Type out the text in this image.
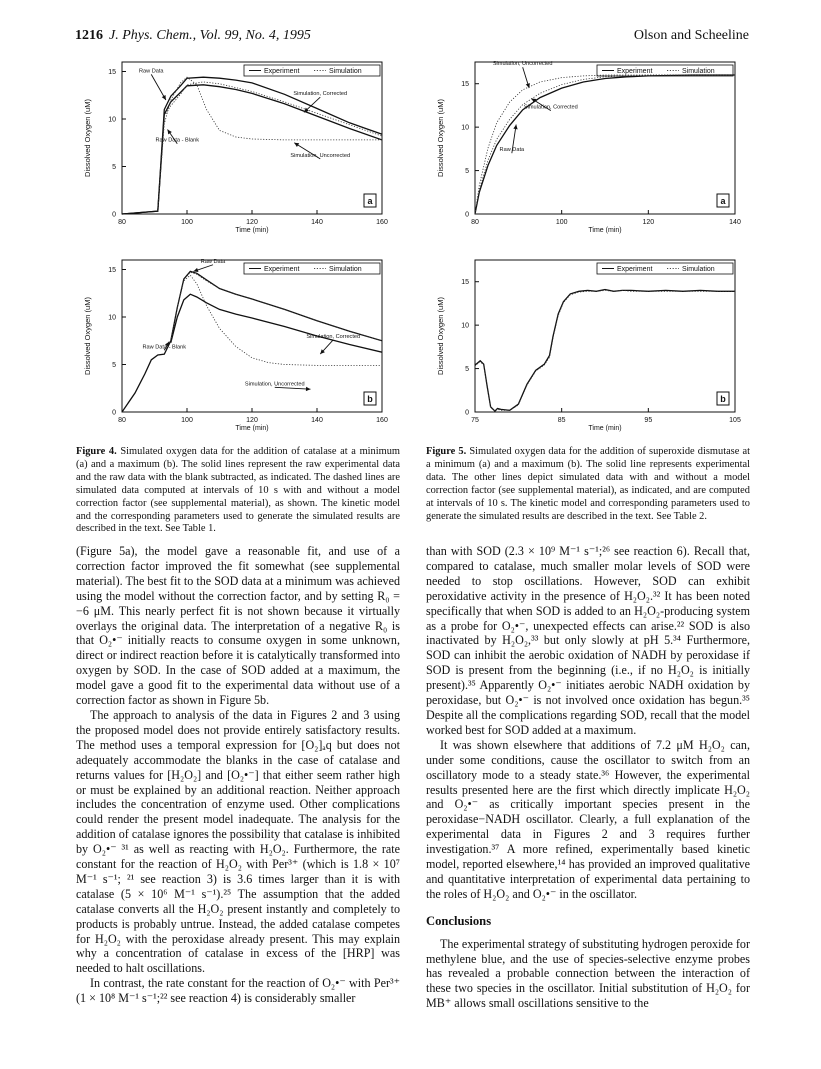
1216 J. Phys. Chem., Vol. 99, No. 4, 1995	Olson and Scheeline
80	100	120	140	160
0
5
10
15
Time (min)
Dissolved Oxygen (uM)
Experiment	Simulation
Raw Data
Simulation, Corrected
Raw Data - Blank
Simulation, Uncorrected
a
80	100	120	140
0
5
10
15
Time (min)
Dissolved Oxygen (uM)
Experiment	Simulation
Simulation, Uncorrected
Simulation, Corrected
Raw Data
a
80	100	120	140	160
0
5
10
15
Time (min)
Dissolved Oxygen (uM)
Experiment	Simulation
Raw Data
Simulation, Corrected
Raw Data - Blank
Simulation, Uncorrected
b
75	85	95	105
0
5
10
15
Time (min)
Dissolved Oxygen (uM)
Experiment	Simulation
b
Figure 4. Simulated oxygen data for the addition of catalase at a minimum (a) and a maximum (b). The solid lines represent the raw experimental data and the raw data with the blank subtracted, as indicated. The dashed lines are simulated data computed at intervals of 10 s with and without a model correction factor (see supplemental material), as shown. The kinetic model and the corresponding parameters used to generate the simulated results are described in the text. See Table 1.
Figure 5. Simulated oxygen data for the addition of superoxide dismutase at a minimum (a) and a maximum (b). The solid line represents experimental data. The other lines depict simulated data with and without a model correction factor (see supplemental material), as indicated, and are computed at intervals of 10 s. The kinetic model and corresponding parameters used to generate the simulated results are described in the text. See Table 2.

(Figure 5a), the model gave a reasonable fit, and use of a correction factor improved the fit somewhat (see supplemental material). The best fit to the SOD data at a minimum was achieved using the model without the correction factor, and by setting R₀ = −6 μM. This nearly perfect fit is not shown because it virtually overlays the original data. The interpretation of a negative R₀ is that O₂•⁻ initially reacts to consume oxygen in some unknown, direct or indirect reaction before it is catalytically transformed into oxygen by SOD. In the case of SOD added at a maximum, the model gave a good fit to the experimental data without use of a correction factor as shown in Figure 5b.

The approach to analysis of the data in Figures 2 and 3 using the proposed model does not provide entirely satisfactory results. The method uses a temporal expression for [O₂]ₐq but does not adequately accommodate the blanks in the case of catalase and returns values for [H₂O₂] and [O₂•⁻] that either seem rather high or must be explained by an additional reaction. Neither approach includes the concentration of enzyme used. Other complications could render the present model inadequate. The analysis for the addition of catalase ignores the possibility that catalase is inhibited by O₂•⁻ ³¹ as well as reacting with H₂O₂. Furthermore, the rate constant for the reaction of H₂O₂ with Per³⁺ (which is 1.8 × 10⁷ M⁻¹ s⁻¹; ²¹ see reaction 3) is 3.6 times larger than it is with catalase (5 × 10⁶ M⁻¹ s⁻¹).²⁵ The assumption that the added catalase converts all the H₂O₂ present instantly and completely to products is probably untrue. Instead, the added catalase competes for H₂O₂ with the peroxidase already present. This may explain why a concentration of catalase in excess of the [HRP] was needed to halt oscillations.

In contrast, the rate constant for the reaction of O₂•⁻ with Per³⁺ (1 × 10⁸ M⁻¹ s⁻¹;²² see reaction 4) is considerably smaller

than with SOD (2.3 × 10⁹ M⁻¹ s⁻¹;²⁶ see reaction 6). Recall that, compared to catalase, much smaller molar levels of SOD were needed to stop oscillations. However, SOD can exhibit peroxidative activity in the presence of H₂O₂.³² It has been noted specifically that when SOD is added to an H₂O₂-producing system as a probe for O₂•⁻, unexpected effects can arise.²² SOD is also inactivated by H₂O₂,³³ but only slowly at pH 5.³⁴ Furthermore, SOD can inhibit the aerobic oxidation of NADH by peroxidase if SOD is present from the beginning (i.e., if no H₂O₂ is initially present).³⁵ Apparently O₂•⁻ initiates aerobic NADH oxidation by peroxidase, but O₂•⁻ is not involved once oxidation has begun.³⁵ Despite all the complications regarding SOD, recall that the model worked best for SOD added at a maximum.

It was shown elsewhere that additions of 7.2 μM H₂O₂ can, under some conditions, cause the oscillator to switch from an oscillatory mode to a steady state.³⁶ However, the experimental results presented here are the first which directly implicate H₂O₂ and O₂•⁻ as critically important species present in the peroxidase−NADH oscillator. Clearly, a full explanation of the experimental data in Figures 2 and 3 requires further investigation.³⁷ A more refined, experimentally based kinetic model, reported elsewhere,¹⁴ has provided an improved qualitative and quantitative interpretation of experimental data pertaining to the roles of H₂O₂ and O₂•⁻ in the oscillator.

Conclusions

The experimental strategy of substituting hydrogen peroxide for methylene blue, and the use of species-selective enzyme probes has revealed a probable connection between the interaction of these two species in the oscillator. Initial substitution of H₂O₂ for MB⁺ allows small oscillations sensitive to the
